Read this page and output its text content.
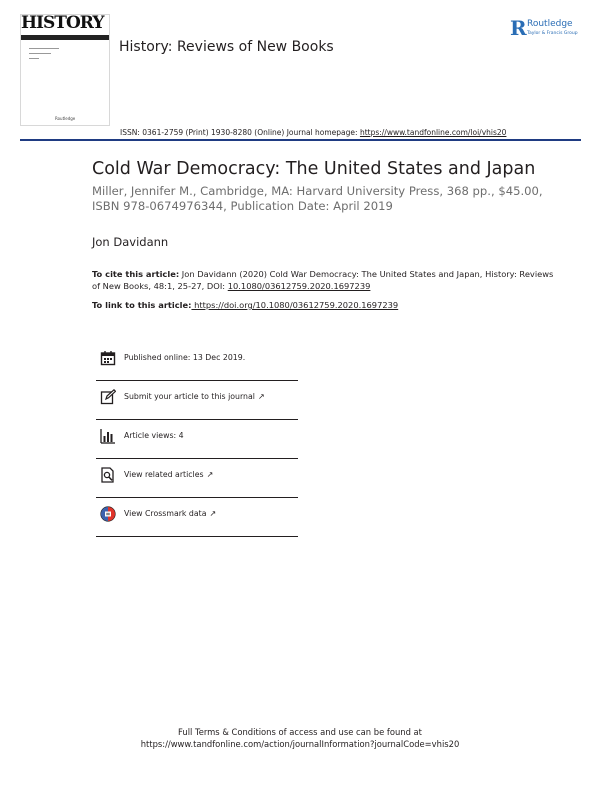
HISTORY
Routledge
History: Reviews of New Books
R Routledge
Taylor & Francis Group
ISSN: 0361-2759 (Print) 1930-8280 (Online) Journal homepage: https://www.tandfonline.com/loi/vhis20
Cold War Democracy: The United States and Japan
Miller, Jennifer M., Cambridge, MA: Harvard University Press, 368 pp., $45.00, ISBN 978-0674976344, Publication Date: April 2019
Jon Davidann
To cite this article: Jon Davidann (2020) Cold War Democracy: The United States and Japan, History: Reviews of New Books, 48:1, 25-27, DOI: 10.1080/03612759.2020.1697239
To link to this article: https://doi.org/10.1080/03612759.2020.1697239
Published online: 13 Dec 2019.
Submit your article to this journal ↗
Article views: 4
View related articles ↗
View Crossmark data ↗
Full Terms & Conditions of access and use can be found at
https://www.tandfonline.com/action/journalInformation?journalCode=vhis20
